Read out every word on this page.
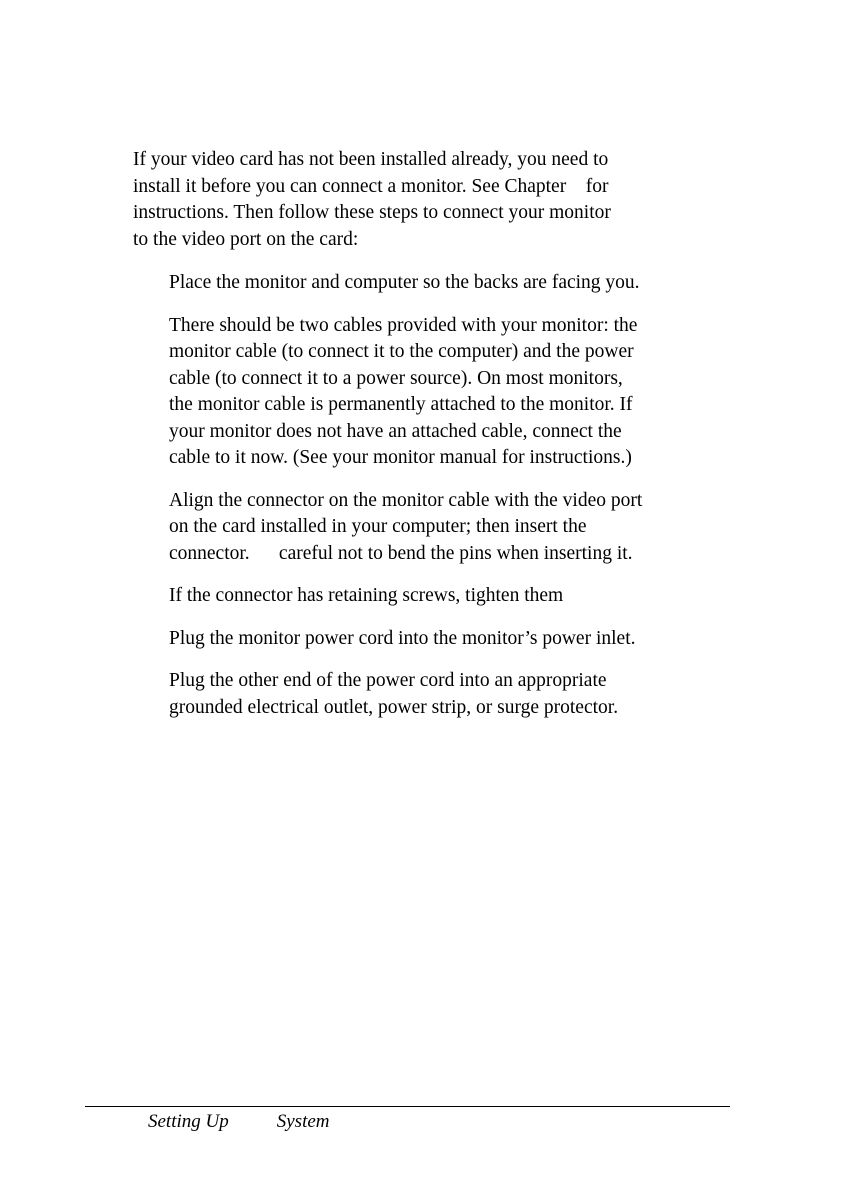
If your video card has not been installed already, you need to
install it before you can connect a monitor. See Chapter    for
instructions. Then follow these steps to connect your monitor
to the video port on the card:
Place the monitor and computer so the backs are facing you.
There should be two cables provided with your monitor: the
monitor cable (to connect it to the computer) and the power
cable (to connect it to a power source). On most monitors,
the monitor cable is permanently attached to the monitor. If
your monitor does not have an attached cable, connect the
cable to it now. (See your monitor manual for instructions.)
Align the connector on the monitor cable with the video port
on the card installed in your computer; then insert the
connector.      careful not to bend the pins when inserting it.
If the connector has retaining screws, tighten them
Plug the monitor power cord into the monitor’s power inlet.
Plug the other end of the power cord into an appropriate
grounded electrical outlet, power strip, or surge protector.
Setting Up	System
